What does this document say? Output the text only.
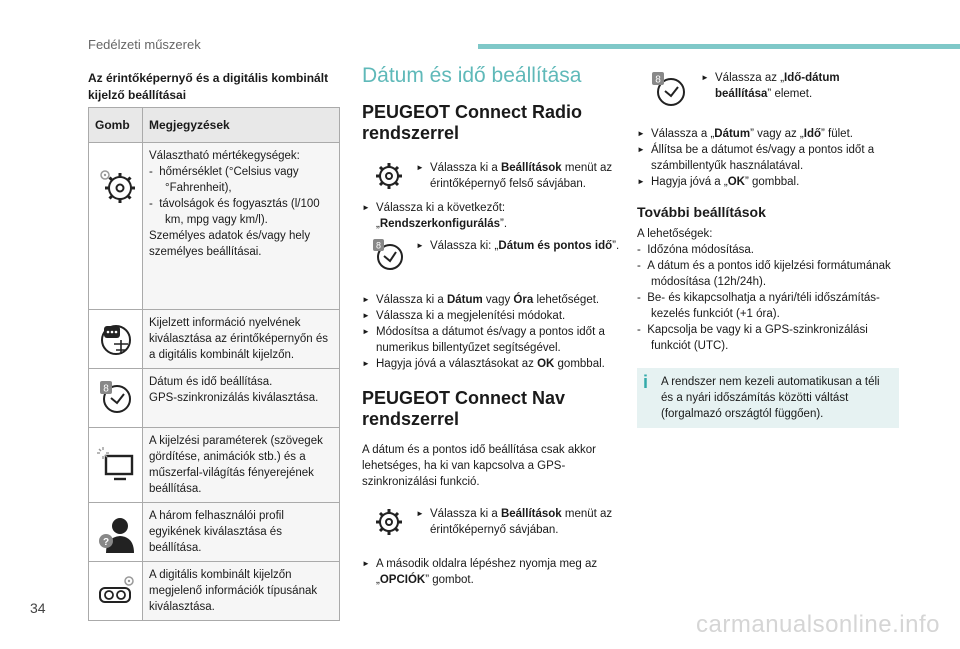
Fedélzeti műszerek
Az érintőképernyő és a digitális kombinált kijelző beállításai
Gomb	Megjegyzések

Választható mértékegységek:
-  hőmérséklet (°Celsius vagy °Fahrenheit),
-  távolságok és fogyasztás (l/100 km, mpg vagy km/l).
Személyes adatok és/vagy hely személyes beállításai.

Kijelzett információ nyelvének kiválasztása az érintőképernyőn és a digitális kombinált kijelzőn.

8	Dátum és idő beállítása.
GPS-szinkronizálás kiválasztása.

A kijelzési paraméterek (szövegek gördítése, animációk stb.) és a műszerfal-világítás fényerejének beállítása.

?	A három felhasználói profil egyikének kiválasztása és beállítása.

A digitális kombinált kijelzőn megjelenő információk típusának kiválasztása.
Dátum és idő beállítása
PEUGEOT Connect Radio rendszerrel
► Válassza ki a Beállítások menüt az érintőképernyő felső sávjában.
► Válassza ki a következőt: „Rendszerkonfigurálás”.
8	► Válassza ki: „Dátum és pontos idő”.
► Válassza ki a Dátum vagy Óra lehetőséget.
► Válassza ki a megjelenítési módokat.
► Módosítsa a dátumot és/vagy a pontos időt a numerikus billentyűzet segítségével.
► Hagyja jóvá a választásokat az OK gombbal.
PEUGEOT Connect Nav rendszerrel
A dátum és a pontos idő beállítása csak akkor lehetséges, ha ki van kapcsolva a GPS-szinkronizálási funkció.
► Válassza ki a Beállítások menüt az érintőképernyő sávjában.
► A második oldalra lépéshez nyomja meg az „OPCIÓK” gombot.
8	► Válassza az „Idő-dátum beállítása” elemet.
► Válassza a „Dátum” vagy az „Idő” fület.
► Állítsa be a dátumot és/vagy a pontos időt a számbillentyűk használatával.
► Hagyja jóvá a „OK” gombbal.
További beállítások
A lehetőségek:
-  Időzóna módosítása.
-  A dátum és a pontos idő kijelzési formátumának módosítása (12h/24h).
-  Be- és kikapcsolhatja a nyári/téli időszámítás-kezelés funkciót (+1 óra).
-  Kapcsolja be vagy ki a GPS-szinkronizálási funkciót (UTC).
i A rendszer nem kezeli automatikusan a téli és a nyári időszámítás közötti váltást (forgalmazó országtól függően).
34
carmanualsonline.info
